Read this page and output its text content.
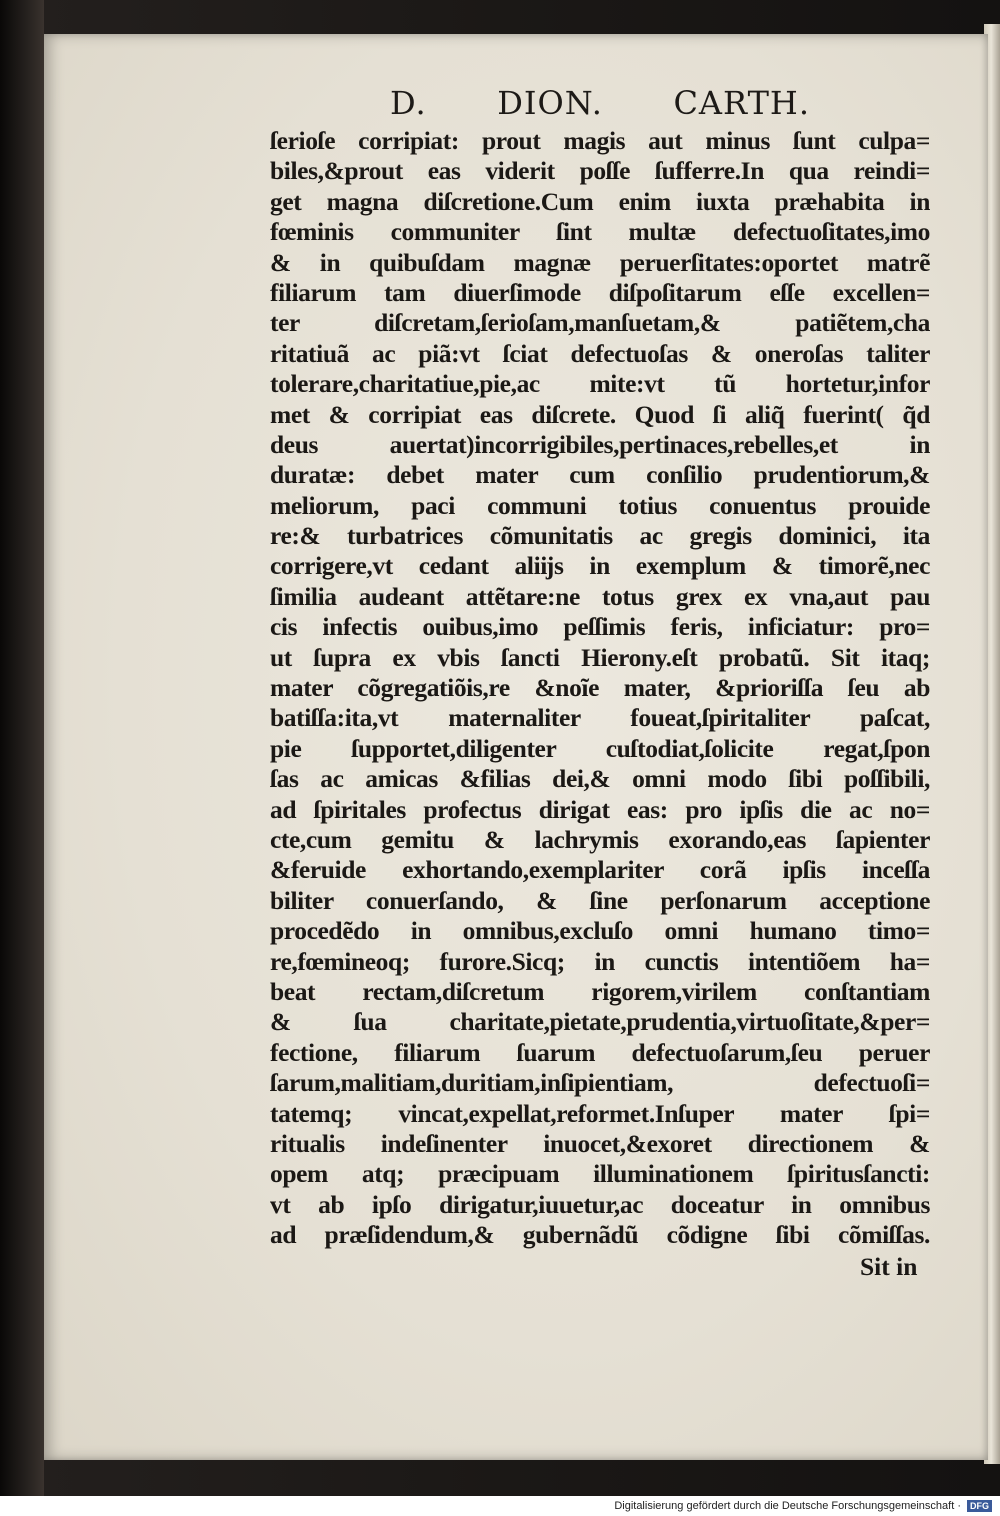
D. DION. CARTH.
ſerioſe corripiat: prout magis aut minus ſunt culpa=
biles,&prout eas viderit poſſe ſufferre.In qua reindi=
get magna diſcretione.Cum enim iuxta præhabita in
fœminis communiter ſint multæ defectuoſitates,imo
& in quibuſdam magnæ peruerſitates:oportet matrẽ
filiarum tam diuerſimode diſpoſitarum eſſe excellen=
ter diſcretam,ſerioſam,manſuetam,& patiẽtem,cha
ritatiuã ac piã:vt ſciat defectuoſas & oneroſas taliter
tolerare,charitatiue,pie,ac mite:vt tũ hortetur,infor
met & corripiat eas diſcrete. Quod ſi aliq̃ fuerint( q̃d
deus auertat)incorrigibiles,pertinaces,rebelles,et in
duratæ: debet mater cum conſilio prudentiorum,&
meliorum, paci communi totius conuentus prouide
re:& turbatrices cõmunitatis ac gregis dominici, ita
corrigere,vt cedant aliĳs in exemplum & timorẽ,nec
ſimilia audeant attẽtare:ne totus grex ex vna,aut pau
cis infectis ouibus,imo peſſimis feris, inficiatur: pro=
ut ſupra ex vbis ſancti Hierony.eſt probatũ. Sit itaq;
mater cõgregatiõis,re &noĩe mater, &prioriſſa ſeu ab
batiſſa:ita,vt maternaliter foueat,ſpiritaliter paſcat,
pie ſupportet,diligenter cuſtodiat,ſolicite regat,ſpon
ſas ac amicas &filias dei,& omni modo ſibi poſſibili,
ad ſpiritales profectus dirigat eas: pro ipſis die ac no=
cte,cum gemitu & lachrymis exorando,eas ſapienter
&feruide exhortando,exemplariter corã ipſis inceſſa
biliter conuerſando, & ſine perſonarum acceptione
procedẽdo in omnibus,excluſo omni humano timo=
re,fœmineoq; furore.Sicq; in cunctis intentiõem ha=
beat rectam,diſcretum rigorem,virilem conſtantiam
& ſua charitate,pietate,prudentia,virtuoſitate,&per=
fectione, filiarum ſuarum defectuoſarum,ſeu peruer
ſarum,malitiam,duritiam,inſipientiam, defectuoſi=
tatemq; vincat,expellat,reformet.Inſuper mater ſpi=
ritualis indeſinenter inuocet,&exoret directionem &
opem atq; præcipuam illuminationem ſpiritusſancti:
vt ab ipſo dirigatur,iuuetur,ac doceatur in omnibus
ad præſidendum,& gubernãdũ cõdigne ſibi cõmiſſas.
Sit in
Digitalisierung gefördert durch die Deutsche Forschungsgemeinschaft ·	DFG
